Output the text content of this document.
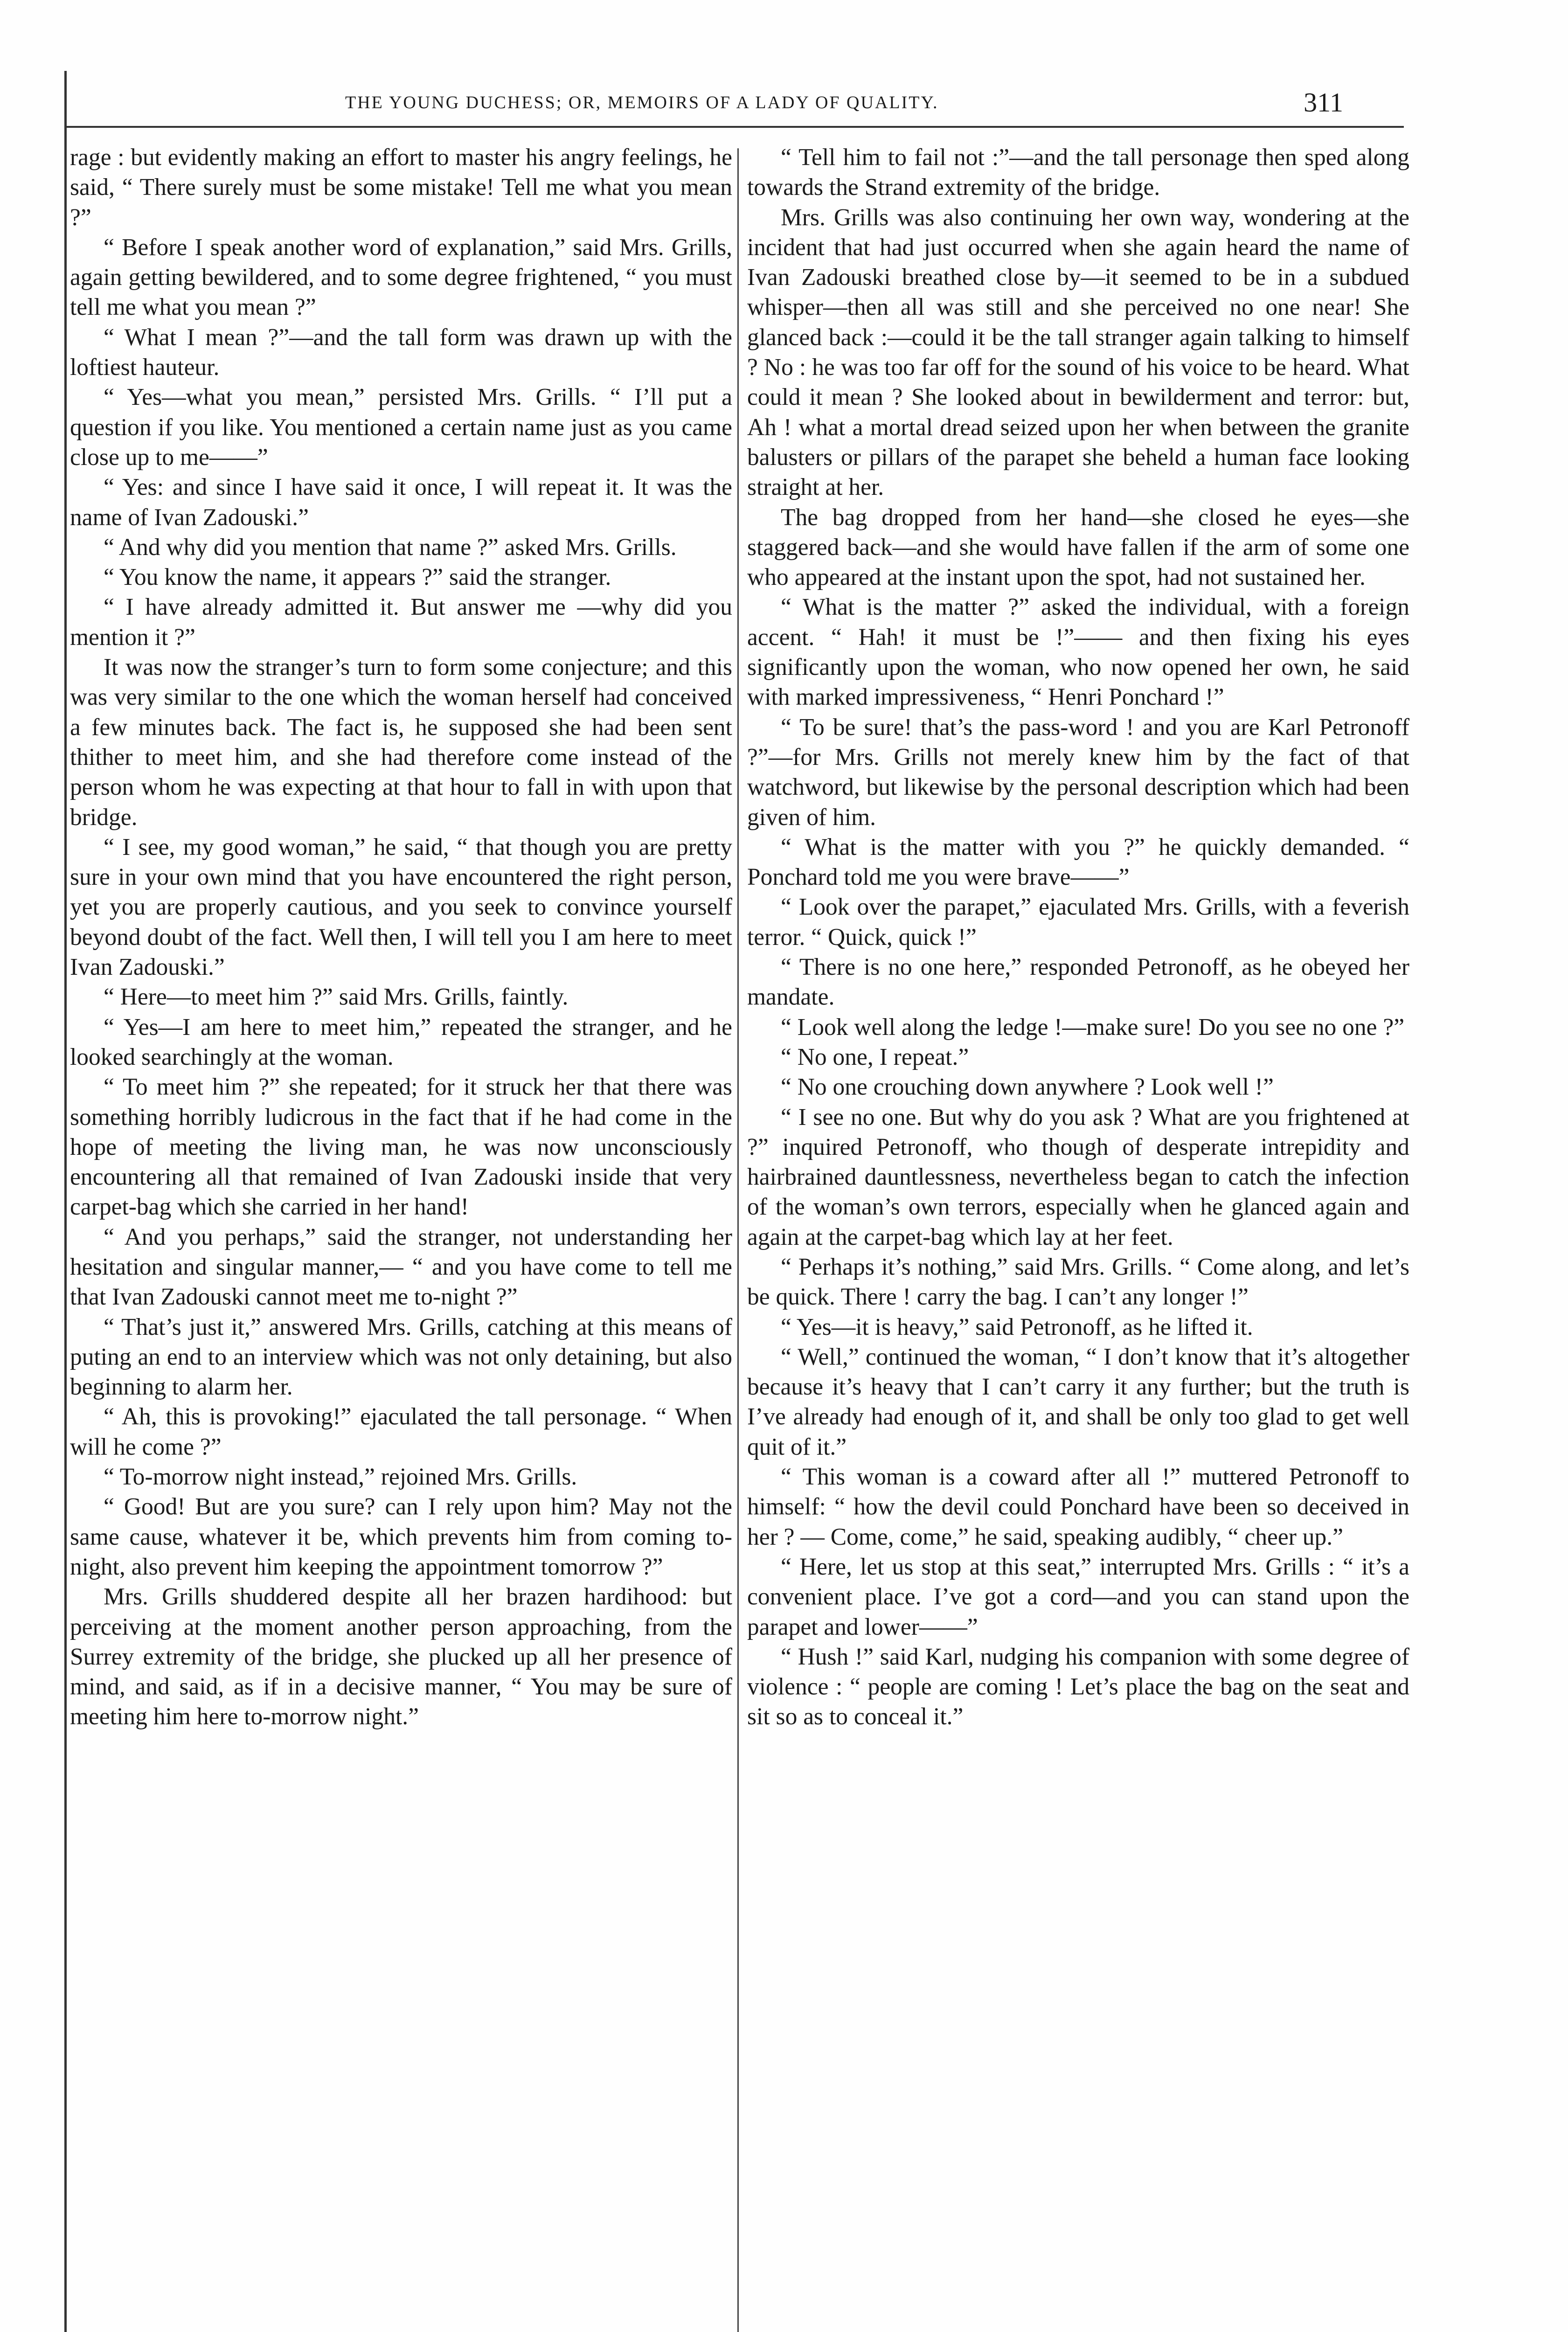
THE YOUNG DUCHESS; OR, MEMOIRS OF A LADY OF QUALITY.	311

rage : but evidently making an effort to master his angry feelings, he said, “ There surely must be some mistake! Tell me what you mean ?”

“ Before I speak another word of explanation,” said Mrs. Grills, again getting bewildered, and to some degree frightened, “ you must tell me what you mean ?”

“ What I mean ?”—and the tall form was drawn up with the loftiest hauteur.

“ Yes—what you mean,” persisted Mrs. Grills. “ I’ll put a question if you like. You mentioned a certain name just as you came close up to me——”

“ Yes: and since I have said it once, I will repeat it. It was the name of Ivan Zadouski.”

“ And why did you mention that name ?” asked Mrs. Grills.

“ You know the name, it appears ?” said the stranger.

“ I have already admitted it. But answer me —why did you mention it ?”

It was now the stranger’s turn to form some conjecture; and this was very similar to the one which the woman herself had conceived a few minutes back. The fact is, he supposed she had been sent thither to meet him, and she had therefore come instead of the person whom he was expecting at that hour to fall in with upon that bridge.

“ I see, my good woman,” he said, “ that though you are pretty sure in your own mind that you have encountered the right person, yet you are properly cautious, and you seek to convince yourself beyond doubt of the fact. Well then, I will tell you I am here to meet Ivan Zadouski.”

“ Here—to meet him ?” said Mrs. Grills, faintly.

“ Yes—I am here to meet him,” repeated the stranger, and he looked searchingly at the woman.

“ To meet him ?” she repeated; for it struck her that there was something horribly ludicrous in the fact that if he had come in the hope of meeting the living man, he was now unconsciously encountering all that remained of Ivan Zadouski inside that very carpet-bag which she carried in her hand!

“ And you perhaps,” said the stranger, not understanding her hesitation and singular manner,— “ and you have come to tell me that Ivan Zadouski cannot meet me to-night ?”

“ That’s just it,” answered Mrs. Grills, catching at this means of puting an end to an interview which was not only detaining, but also beginning to alarm her.

“ Ah, this is provoking!” ejaculated the tall personage. “ When will he come ?”

“ To-morrow night instead,” rejoined Mrs. Grills.

“ Good! But are you sure? can I rely upon him? May not the same cause, whatever it be, which prevents him from coming to-night, also prevent him keeping the appointment tomorrow ?”

Mrs. Grills shuddered despite all her brazen hardihood: but perceiving at the moment another person approaching, from the Surrey extremity of the bridge, she plucked up all her presence of mind, and said, as if in a decisive manner, “ You may be sure of meeting him here to-morrow night.”

“ Tell him to fail not :”—and the tall personage then sped along towards the Strand extremity of the bridge.

Mrs. Grills was also continuing her own way, wondering at the incident that had just occurred when she again heard the name of Ivan Zadouski breathed close by—it seemed to be in a subdued whisper—then all was still and she perceived no one near! She glanced back :—could it be the tall stranger again talking to himself ? No : he was too far off for the sound of his voice to be heard. What could it mean ? She looked about in bewilderment and terror: but, Ah ! what a mortal dread seized upon her when between the granite balusters or pillars of the parapet she beheld a human face looking straight at her.

The bag dropped from her hand—she closed he eyes—she staggered back—and she would have fallen if the arm of some one who appeared at the instant upon the spot, had not sustained her.

“ What is the matter ?” asked the individual, with a foreign accent. “ Hah! it must be !”—— and then fixing his eyes significantly upon the woman, who now opened her own, he said with marked impressiveness, “ Henri Ponchard !”

“ To be sure! that’s the pass-word ! and you are Karl Petronoff ?”—for Mrs. Grills not merely knew him by the fact of that watchword, but likewise by the personal description which had been given of him.

“ What is the matter with you ?” he quickly demanded. “ Ponchard told me you were brave——”

“ Look over the parapet,” ejaculated Mrs. Grills, with a feverish terror. “ Quick, quick !”

“ There is no one here,” responded Petronoff, as he obeyed her mandate.

“ Look well along the ledge !—make sure! Do you see no one ?”

“ No one, I repeat.”

“ No one crouching down anywhere ? Look well !”

“ I see no one. But why do you ask ? What are you frightened at ?” inquired Petronoff, who though of desperate intrepidity and hairbrained dauntlessness, nevertheless began to catch the infection of the woman’s own terrors, especially when he glanced again and again at the carpet-bag which lay at her feet.

“ Perhaps it’s nothing,” said Mrs. Grills. “ Come along, and let’s be quick. There ! carry the bag. I can’t any longer !”

“ Yes—it is heavy,” said Petronoff, as he lifted it.

“ Well,” continued the woman, “ I don’t know that it’s altogether because it’s heavy that I can’t carry it any further; but the truth is I’ve already had enough of it, and shall be only too glad to get well quit of it.”

“ This woman is a coward after all !” muttered Petronoff to himself: “ how the devil could Ponchard have been so deceived in her ? — Come, come,” he said, speaking audibly, “ cheer up.”

“ Here, let us stop at this seat,” interrupted Mrs. Grills : “ it’s a convenient place. I’ve got a cord—and you can stand upon the parapet and lower——”

“ Hush !” said Karl, nudging his companion with some degree of violence : “ people are coming ! Let’s place the bag on the seat and sit so as to conceal it.”
